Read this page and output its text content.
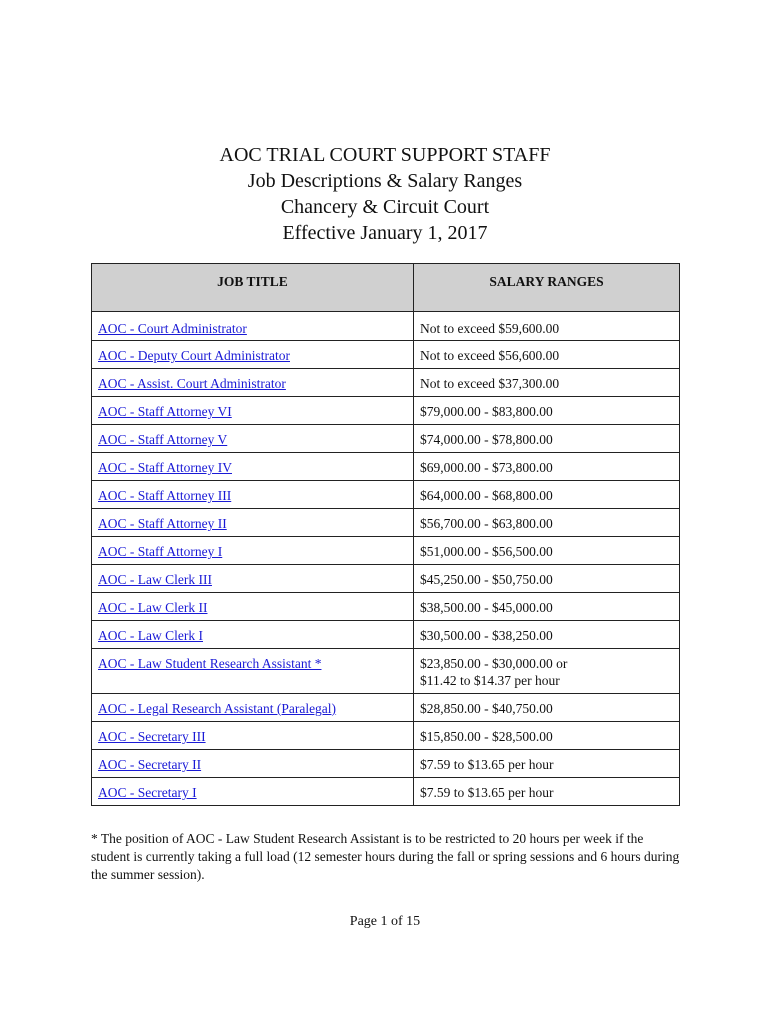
AOC TRIAL COURT SUPPORT STAFF
Job Descriptions & Salary Ranges
Chancery & Circuit Court
Effective January 1, 2017
JOB TITLE	SALARY RANGES
AOC - Court Administrator	Not to exceed $59,600.00

AOC - Deputy Court Administrator	Not to exceed $56,600.00

AOC - Assist. Court Administrator	Not to exceed $37,300.00

AOC - Staff Attorney VI	$79,000.00 - $83,800.00

AOC - Staff Attorney V	$74,000.00 - $78,800.00

AOC - Staff Attorney IV	$69,000.00 - $73,800.00

AOC - Staff Attorney III	$64,000.00 - $68,800.00

AOC - Staff Attorney II	$56,700.00 - $63,800.00

AOC - Staff Attorney I	$51,000.00 - $56,500.00

AOC - Law Clerk III	$45,250.00 - $50,750.00

AOC - Law Clerk II	$38,500.00 - $45,000.00

AOC - Law Clerk I	$30,500.00 - $38,250.00

AOC - Law Student Research Assistant *	$23,850.00 - $30,000.00 or
$11.42 to $14.37 per hour

AOC - Legal Research Assistant (Paralegal)	$28,850.00 - $40,750.00

AOC - Secretary III	$15,850.00 - $28,500.00

AOC - Secretary II	$7.59 to $13.65 per hour

AOC - Secretary I	$7.59 to $13.65 per hour
* The position of AOC - Law Student Research Assistant is to be restricted to 20 hours per week if the student is currently taking a full load (12 semester hours during the fall or spring sessions and 6 hours during the summer session).
Page 1 of 15
